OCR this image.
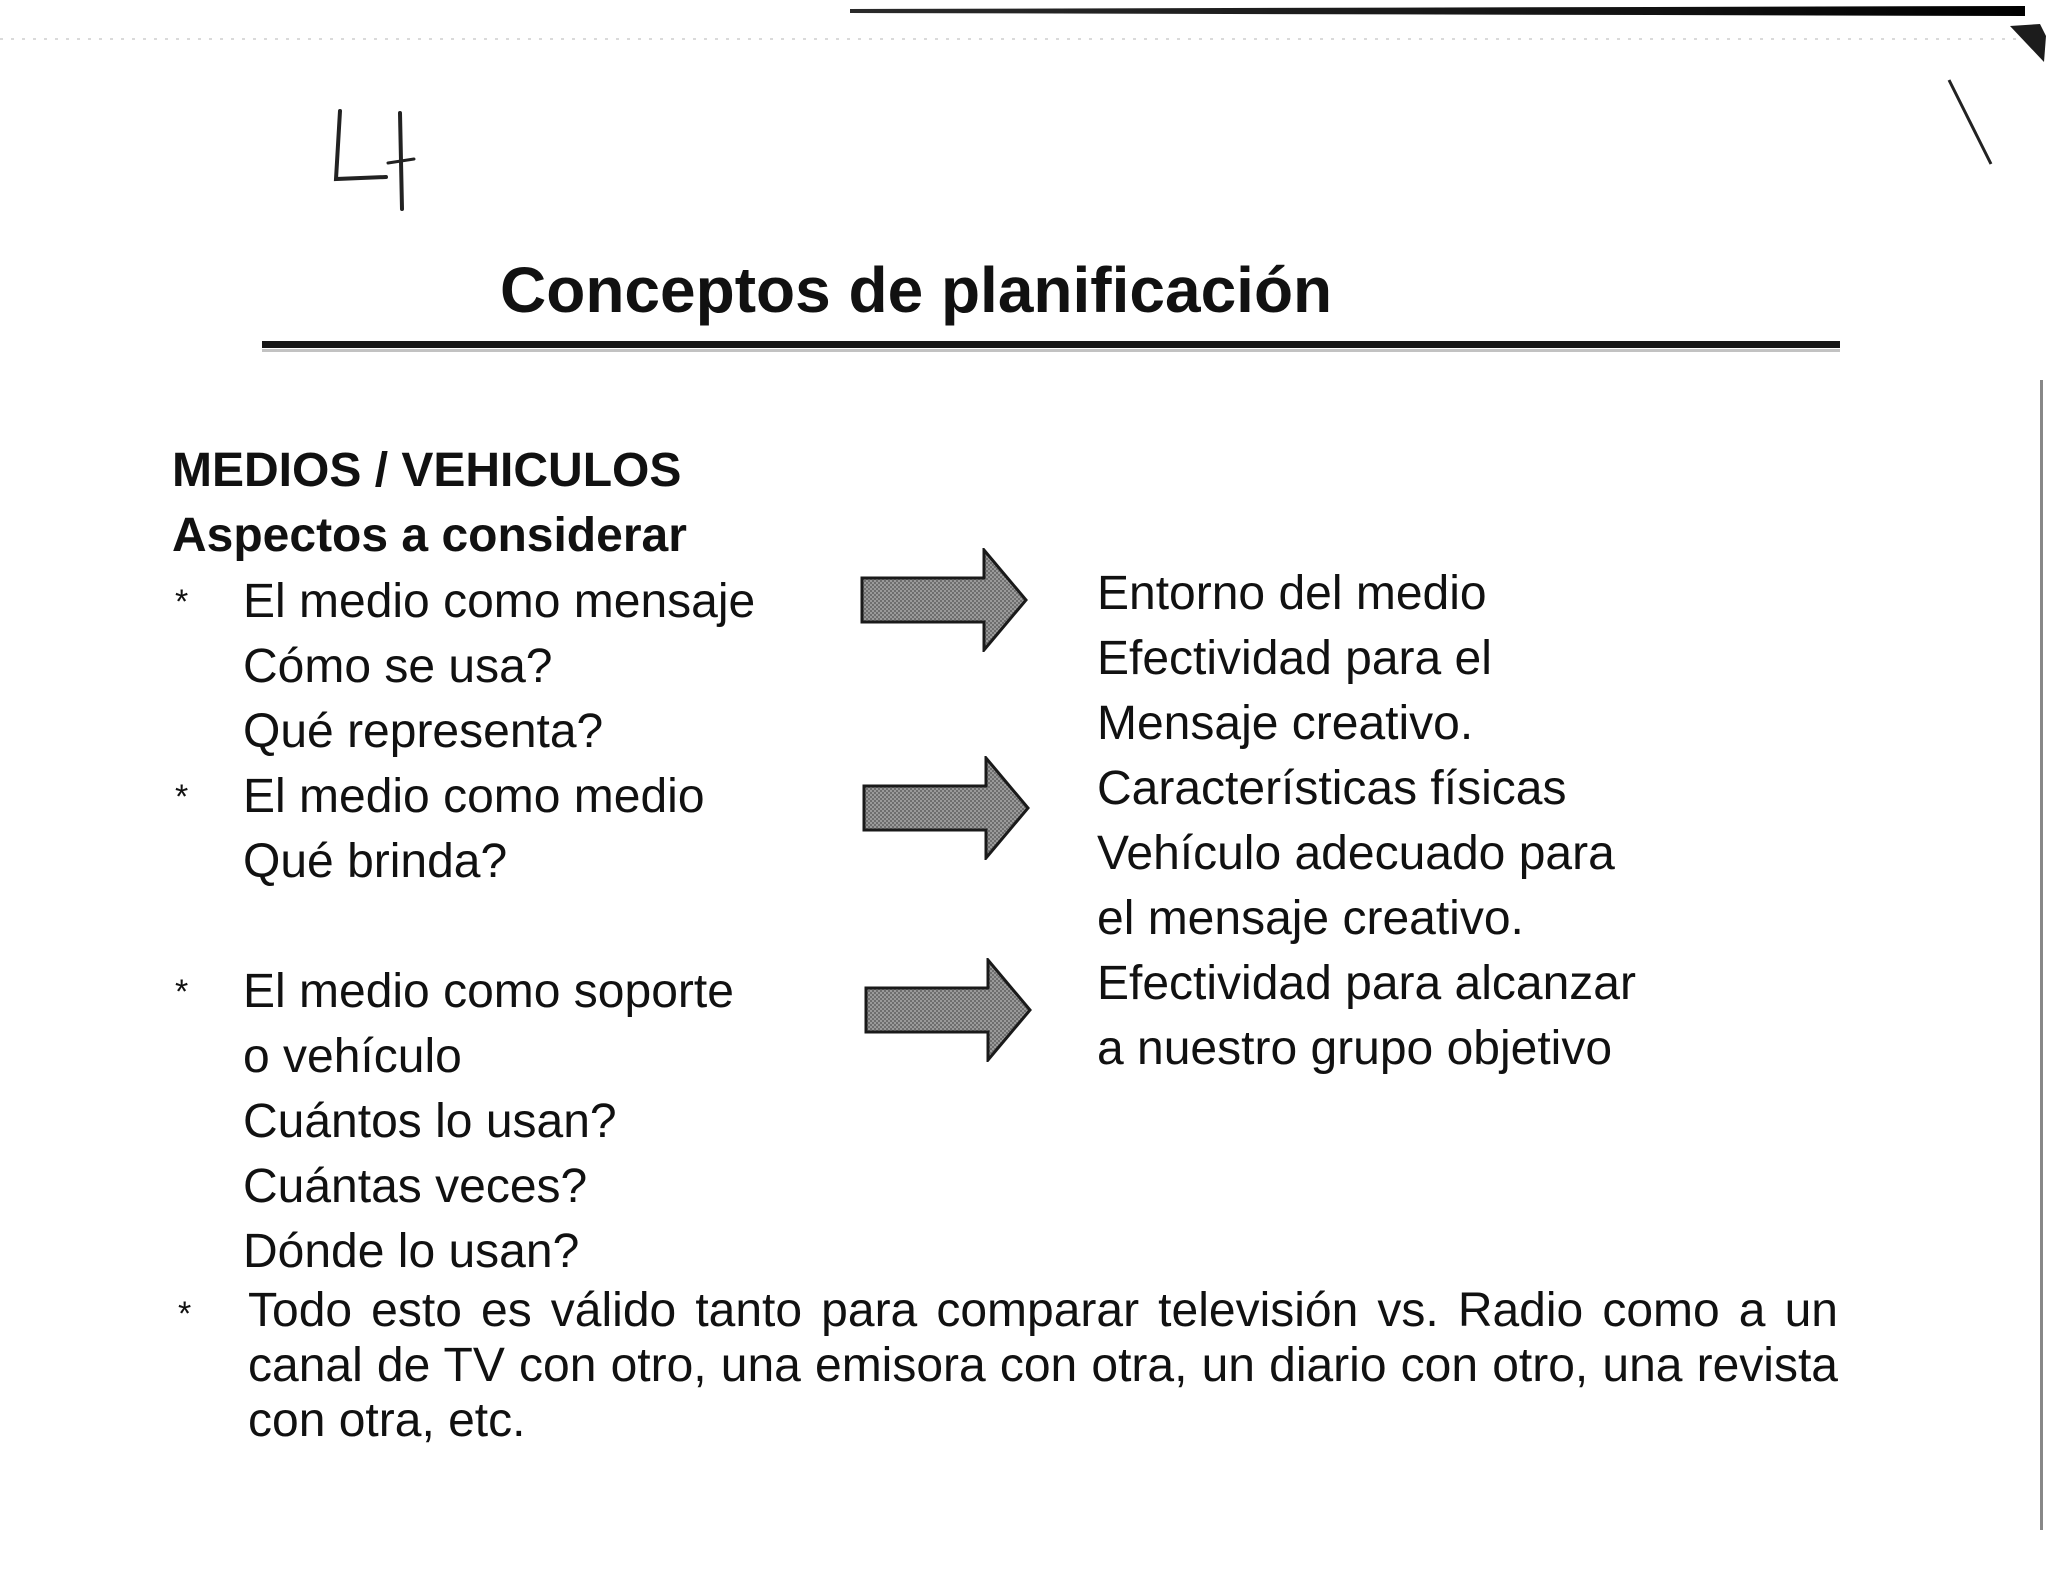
Conceptos de planificación
MEDIOS / VEHICULOS
Aspectos a considerar
* El medio como mensaje
Cómo se usa?
Qué representa?
Entorno del medio
Efectividad para el
Mensaje creativo.
* El medio como medio
Qué brinda?
Características físicas
Vehículo adecuado para
el mensaje creativo.
* El medio como soporte
o vehículo
Cuántos lo usan?
Cuántas veces?
Dónde lo usan?
Efectividad para alcanzar
a nuestro grupo objetivo
* Todo esto es válido tanto para comparar televisión vs. Radio como a un canal de TV con otro, una emisora con otra, un diario con otro, una revista con otra, etc.
